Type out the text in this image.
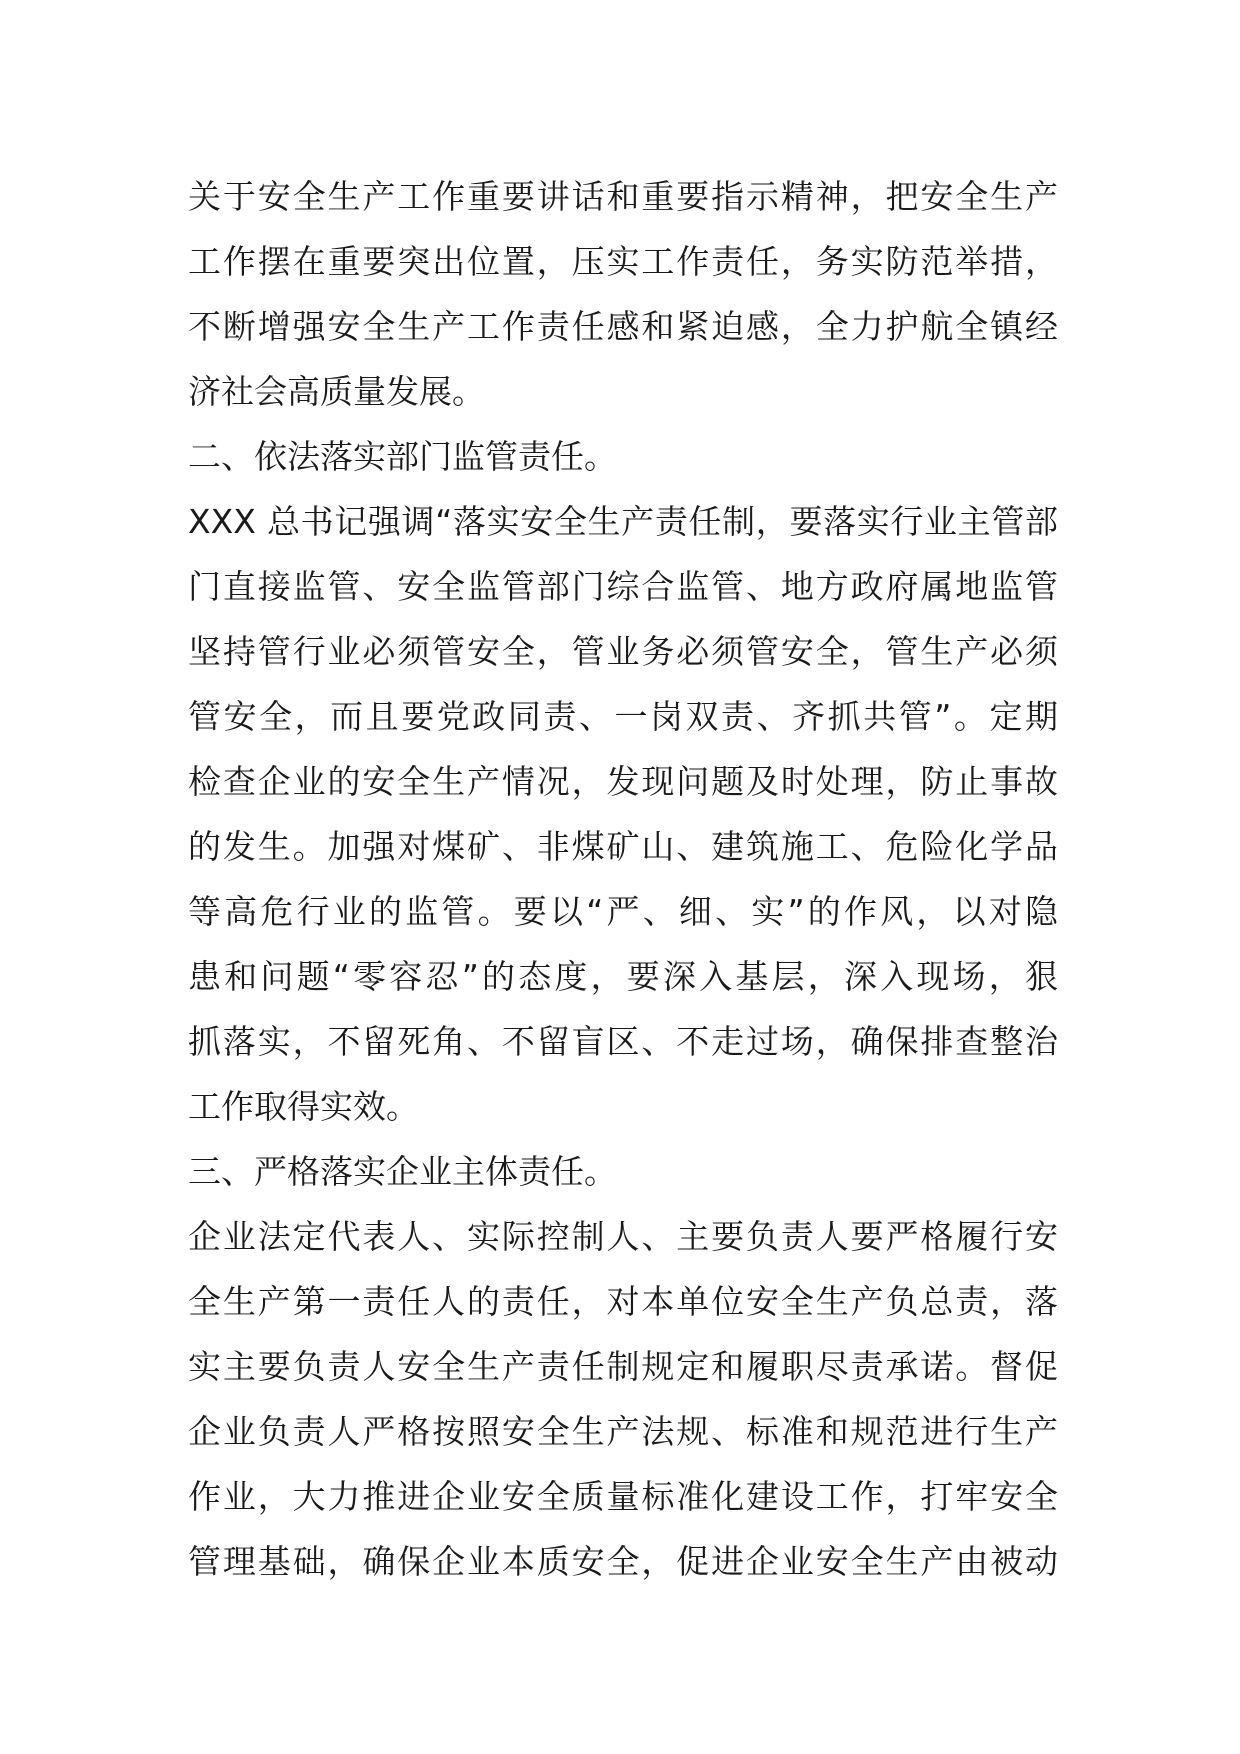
关于安全生产工作重要讲话和重要指示精神，把安全生产
工作摆在重要突出位置，压实工作责任，务实防范举措，
不断增强安全生产工作责任感和紧迫感，全力护航全镇经
济社会高质量发展。
二、依法落实部门监管责任。
XXX 总书记强调“落实安全生产责任制，要落实行业主管部
门直接监管、安全监管部门综合监管、地方政府属地监管
坚持管行业必须管安全，管业务必须管安全，管生产必须
管安全，而且要党政同责、一岗双责、齐抓共管”。定期
检查企业的安全生产情况，发现问题及时处理，防止事故
的发生。加强对煤矿、非煤矿山、建筑施工、危险化学品
等高危行业的监管。要以“严、细、实”的作风，以对隐
患和问题“零容忍”的态度，要深入基层，深入现场，狠
抓落实，不留死角、不留盲区、不走过场，确保排查整治
工作取得实效。
三、严格落实企业主体责任。
企业法定代表人、实际控制人、主要负责人要严格履行安
全生产第一责任人的责任，对本单位安全生产负总责，落
实主要负责人安全生产责任制规定和履职尽责承诺。督促
企业负责人严格按照安全生产法规、标准和规范进行生产
作业，大力推进企业安全质量标准化建设工作，打牢安全
管理基础，确保企业本质安全，促进企业安全生产由被动
